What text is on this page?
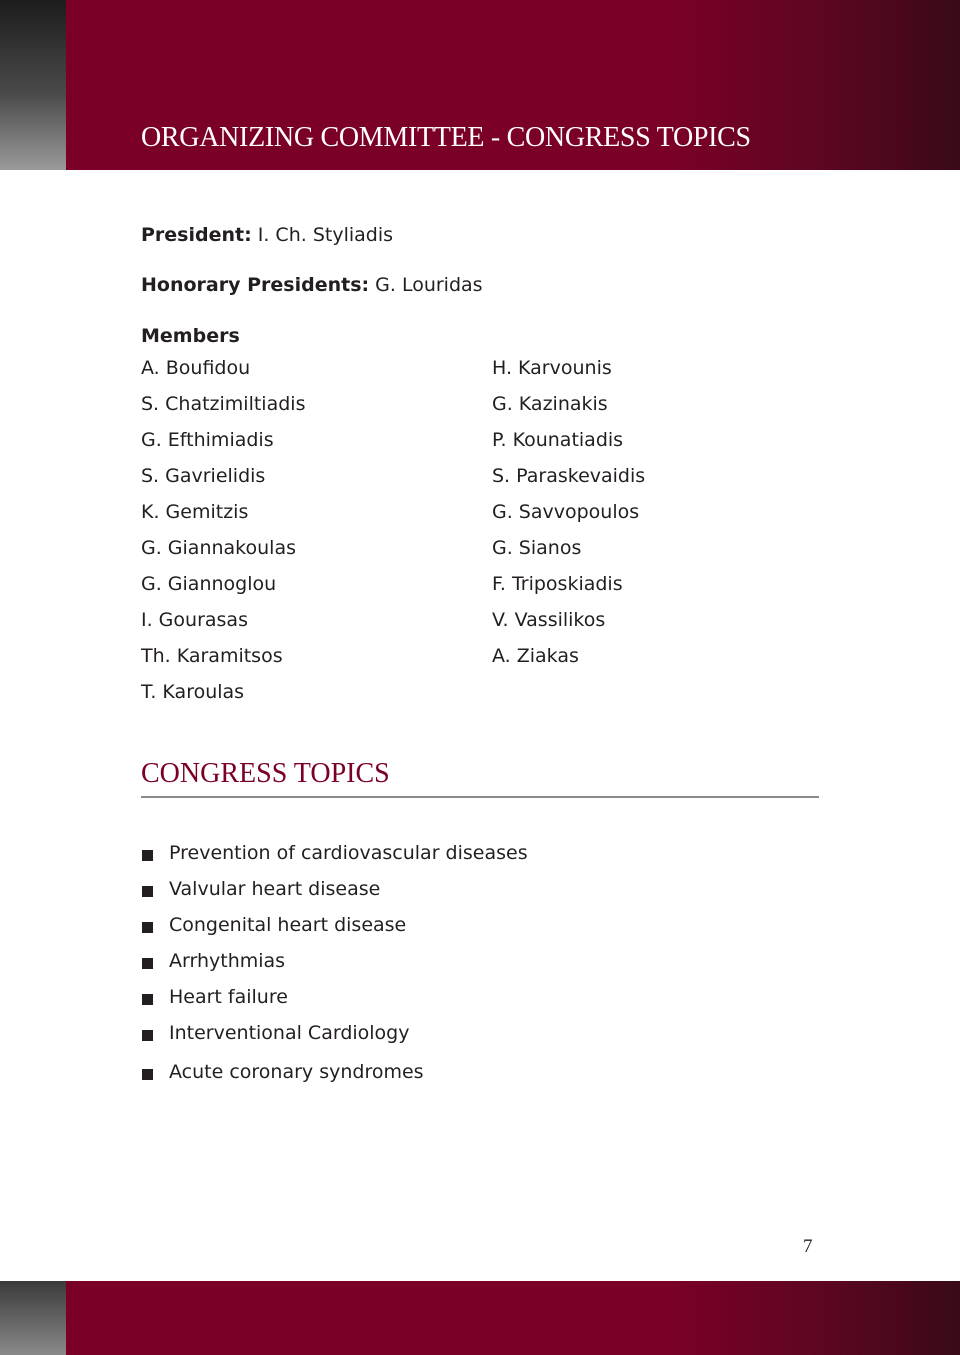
ORGANIZING COMMITTEE - CONGRESS TOPICS
President: I. Ch. Styliadis
Honorary Presidents: G. Louridas
Members
A. Boufidou
S. Chatzimiltiadis
G. Efthimiadis
S. Gavrielidis
K. Gemitzis
G. Giannakoulas
G. Giannoglou
I. Gourasas
Th. Karamitsos
T. Karoulas
H. Karvounis
G. Kazinakis
P. Kounatiadis
S. Paraskevaidis
G. Savvopoulos
G. Sianos
F. Triposkiadis
V. Vassilikos
A. Ziakas
CONGRESS TOPICS
Prevention of cardiovascular diseases
Valvular heart disease
Congenital heart disease
Arrhythmias
Heart failure
Interventional Cardiology
Acute coronary syndromes
7
